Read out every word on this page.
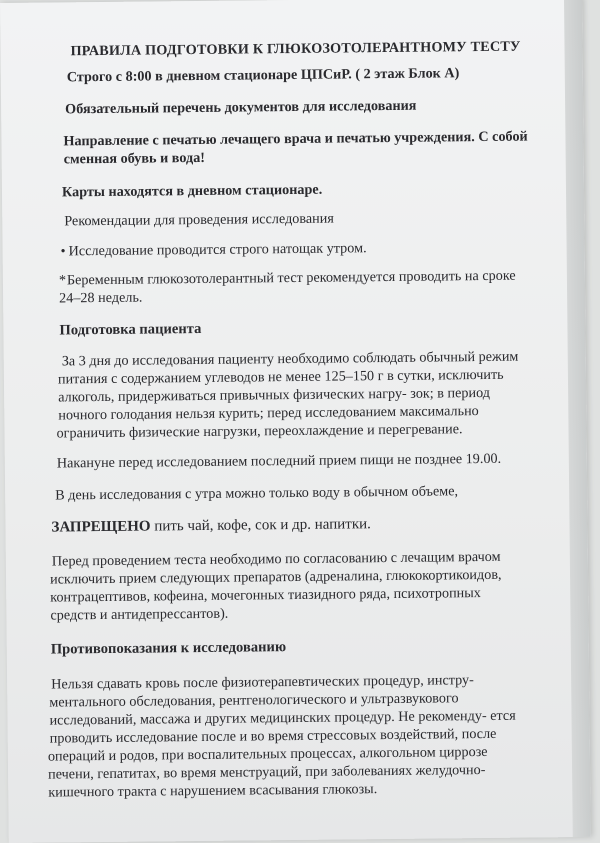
ПРАВИЛА ПОДГОТОВКИ К ГЛЮКОЗОТОЛЕРАНТНОМУ ТЕСТУ
Строго с 8:00 в дневном стационаре ЦПСиР. ( 2 этаж Блок А)
Обязательный перечень документов для исследования
Направление с печатью лечащего врача и печатью учреждения. С собой
сменная обувь и вода!
Карты находятся в дневном стационаре.
Рекомендации для проведения исследования
• Исследование проводится строго натощак утром.
*Беременным глюкозотолерантный тест рекомендуется проводить на сроке
24–28 недель.
Подготовка пациента
За 3 дня до исследования пациенту необходимо соблюдать обычный режим
питания с содержанием углеводов не менее 125–150 г в сутки, исключить
алкоголь, придерживаться привычных физических нагру- зок; в период
ночного голодания нельзя курить; перед исследованием максимально
ограничить физические нагрузки, переохлаждение и перегревание.
Накануне перед исследованием последний прием пищи не позднее 19.00.
В день исследования с утра можно только воду в обычном объеме,
ЗАПРЕЩЕНО пить чай, кофе, сок и др. напитки.
Перед проведением теста необходимо по согласованию с лечащим врачом
исключить прием следующих препаратов (адреналина, глюкокортикоидов,
контрацептивов, кофеина, мочегонных тиазидного ряда, психотропных
средств и антидепрессантов).
Противопоказания к исследованию
Нельзя сдавать кровь после физиотерапевтических процедур, инстру-
ментального обследования, рентгенологического и ультразвукового
исследований, массажа и других медицинских процедур. Не рекоменду- ется
проводить исследование после и во время стрессовых воздействий, после
операций и родов, при воспалительных процессах, алкогольном циррозе
печени, гепатитах, во время менструаций, при заболеваниях желудочно-
кишечного тракта с нарушением всасывания глюкозы.
